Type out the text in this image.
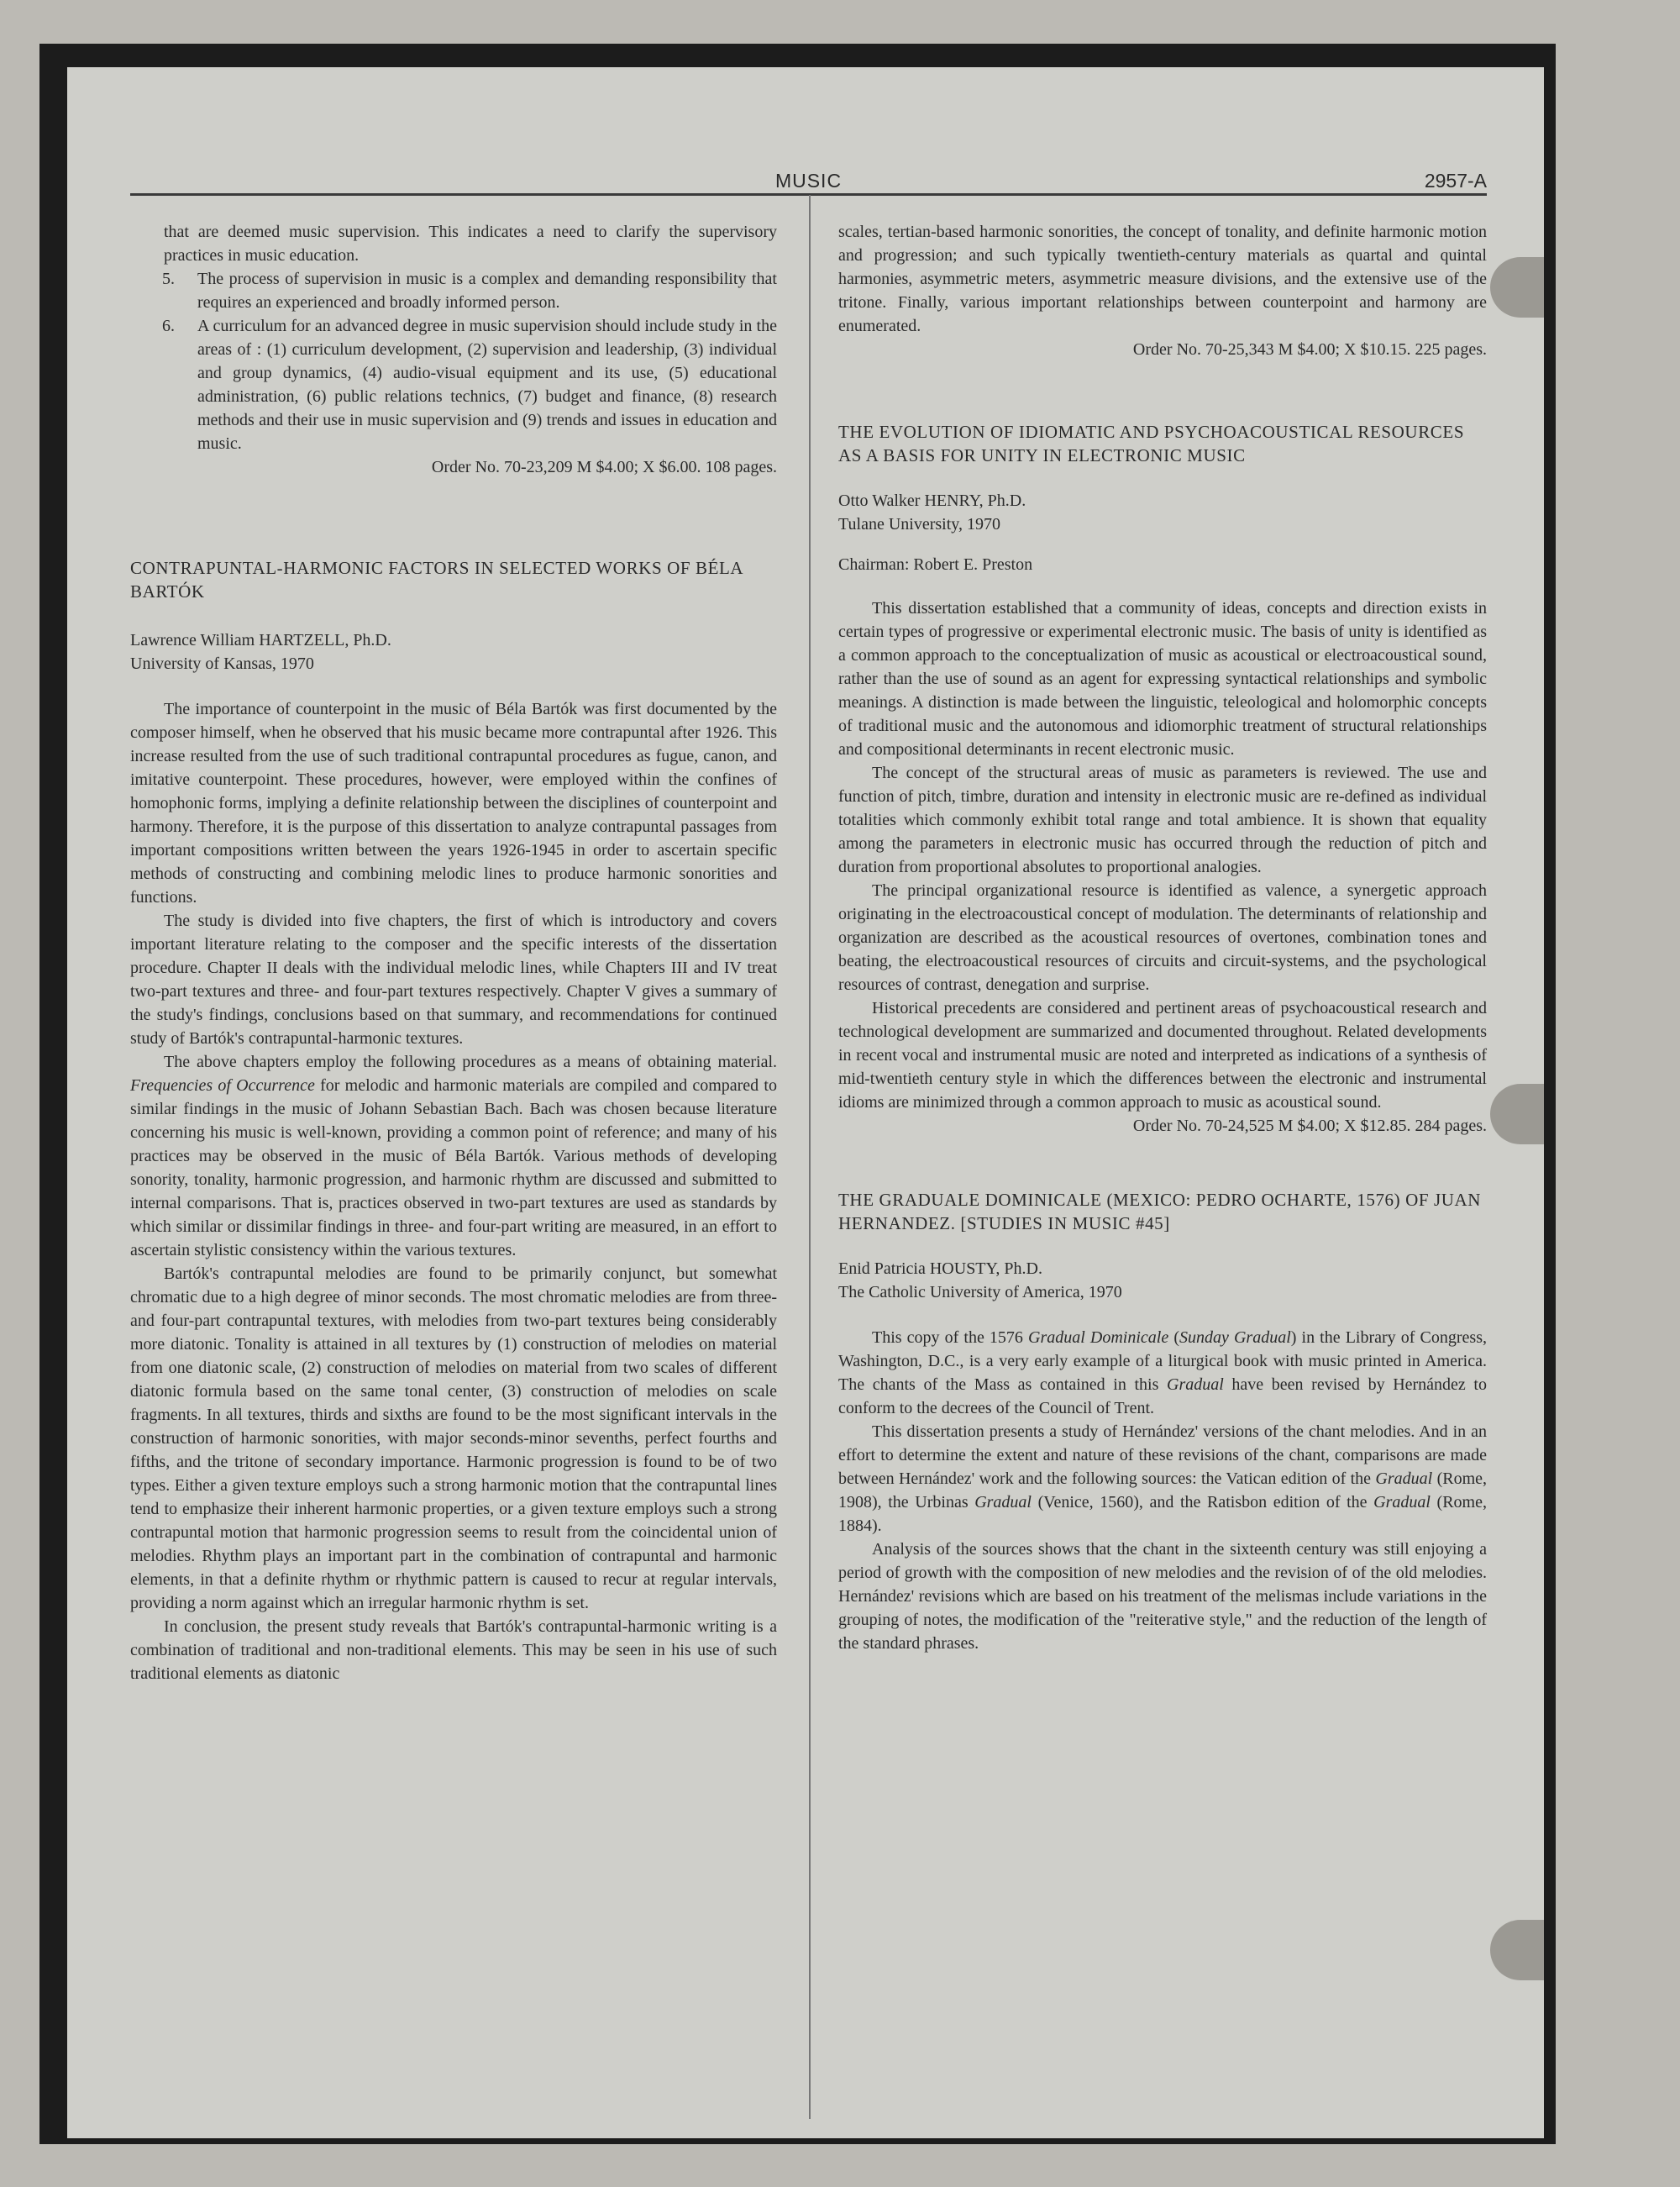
MUSIC	2957-A

that are deemed music supervision. This indicates a need to clarify the supervisory practices in music education.

5. The process of supervision in music is a complex and demanding responsibility that requires an experienced and broadly informed person.
6. A curriculum for an advanced degree in music supervision should include study in the areas of : (1) curriculum development, (2) supervision and leadership, (3) individual and group dynamics, (4) audio-visual equipment and its use, (5) educational administration, (6) public relations technics, (7) budget and finance, (8) research methods and their use in music supervision and (9) trends and issues in education and music.

Order No. 70-23,209 M $4.00; X $6.00. 108 pages.

CONTRAPUNTAL-HARMONIC FACTORS IN SELECTED WORKS OF BÉLA BARTÓK

Lawrence William HARTZELL, Ph.D.

University of Kansas, 1970

The importance of counterpoint in the music of Béla Bartók was first documented by the composer himself, when he observed that his music became more contrapuntal after 1926. This increase resulted from the use of such traditional contrapuntal procedures as fugue, canon, and imitative counterpoint. These procedures, however, were employed within the confines of homophonic forms, implying a definite relationship between the disciplines of counterpoint and harmony. Therefore, it is the purpose of this dissertation to analyze contrapuntal passages from important compositions written between the years 1926-1945 in order to ascertain specific methods of constructing and combining melodic lines to produce harmonic sonorities and functions.

The study is divided into five chapters, the first of which is introductory and covers important literature relating to the composer and the specific interests of the dissertation procedure. Chapter II deals with the individual melodic lines, while Chapters III and IV treat two-part textures and three- and four-part textures respectively. Chapter V gives a summary of the study's findings, conclusions based on that summary, and recommendations for continued study of Bartók's contrapuntal-harmonic textures.

The above chapters employ the following procedures as a means of obtaining material. Frequencies of Occurrence for melodic and harmonic materials are compiled and compared to similar findings in the music of Johann Sebastian Bach. Bach was chosen because literature concerning his music is well-known, providing a common point of reference; and many of his practices may be observed in the music of Béla Bartók. Various methods of developing sonority, tonality, harmonic progression, and harmonic rhythm are discussed and submitted to internal comparisons. That is, practices observed in two-part textures are used as standards by which similar or dissimilar findings in three- and four-part writing are measured, in an effort to ascertain stylistic consistency within the various textures.

Bartók's contrapuntal melodies are found to be primarily conjunct, but somewhat chromatic due to a high degree of minor seconds. The most chromatic melodies are from three- and four-part contrapuntal textures, with melodies from two-part textures being considerably more diatonic. Tonality is attained in all textures by (1) construction of melodies on material from one diatonic scale, (2) construction of melodies on material from two scales of different diatonic formula based on the same tonal center, (3) construction of melodies on scale fragments. In all textures, thirds and sixths are found to be the most significant intervals in the construction of harmonic sonorities, with major seconds-minor sevenths, perfect fourths and fifths, and the tritone of secondary importance. Harmonic progression is found to be of two types. Either a given texture employs such a strong harmonic motion that the contrapuntal lines tend to emphasize their inherent harmonic properties, or a given texture employs such a strong contrapuntal motion that harmonic progression seems to result from the coincidental union of melodies. Rhythm plays an important part in the combination of contrapuntal and harmonic elements, in that a definite rhythm or rhythmic pattern is caused to recur at regular intervals, providing a norm against which an irregular harmonic rhythm is set.

In conclusion, the present study reveals that Bartók's contrapuntal-harmonic writing is a combination of traditional and non-traditional elements. This may be seen in his use of such traditional elements as diatonic

scales, tertian-based harmonic sonorities, the concept of tonality, and definite harmonic motion and progression; and such typically twentieth-century materials as quartal and quintal harmonies, asymmetric meters, asymmetric measure divisions, and the extensive use of the tritone. Finally, various important relationships between counterpoint and harmony are enumerated.

Order No. 70-25,343 M $4.00; X $10.15. 225 pages.

THE EVOLUTION OF IDIOMATIC AND PSYCHOACOUSTICAL RESOURCES AS A BASIS FOR UNITY IN ELECTRONIC MUSIC

Otto Walker HENRY, Ph.D.

Tulane University, 1970

Chairman: Robert E. Preston

This dissertation established that a community of ideas, concepts and direction exists in certain types of progressive or experimental electronic music. The basis of unity is identified as a common approach to the conceptualization of music as acoustical or electroacoustical sound, rather than the use of sound as an agent for expressing syntactical relationships and symbolic meanings. A distinction is made between the linguistic, teleological and holomorphic concepts of traditional music and the autonomous and idiomorphic treatment of structural relationships and compositional determinants in recent electronic music.

The concept of the structural areas of music as parameters is reviewed. The use and function of pitch, timbre, duration and intensity in electronic music are re-defined as individual totalities which commonly exhibit total range and total ambience. It is shown that equality among the parameters in electronic music has occurred through the reduction of pitch and duration from proportional absolutes to proportional analogies.

The principal organizational resource is identified as valence, a synergetic approach originating in the electroacoustical concept of modulation. The determinants of relationship and organization are described as the acoustical resources of overtones, combination tones and beating, the electroacoustical resources of circuits and circuit-systems, and the psychological resources of contrast, denegation and surprise.

Historical precedents are considered and pertinent areas of psychoacoustical research and technological development are summarized and documented throughout. Related developments in recent vocal and instrumental music are noted and interpreted as indications of a synthesis of mid-twentieth century style in which the differences between the electronic and instrumental idioms are minimized through a common approach to music as acoustical sound.

Order No. 70-24,525 M $4.00; X $12.85. 284 pages.

THE GRADUALE DOMINICALE (MEXICO: PEDRO OCHARTE, 1576) OF JUAN HERNANDEZ. [STUDIES IN MUSIC #45]

Enid Patricia HOUSTY, Ph.D.

The Catholic University of America, 1970

This copy of the 1576 Gradual Dominicale (Sunday Gradual) in the Library of Congress, Washington, D.C., is a very early example of a liturgical book with music printed in America. The chants of the Mass as contained in this Gradual have been revised by Hernández to conform to the decrees of the Council of Trent.

This dissertation presents a study of Hernández' versions of the chant melodies. And in an effort to determine the extent and nature of these revisions of the chant, comparisons are made between Hernández' work and the following sources: the Vatican edition of the Gradual (Rome, 1908), the Urbinas Gradual (Venice, 1560), and the Ratisbon edition of the Gradual (Rome, 1884).

Analysis of the sources shows that the chant in the sixteenth century was still enjoying a period of growth with the composition of new melodies and the revision of of the old melodies. Hernández' revisions which are based on his treatment of the melismas include variations in the grouping of notes, the modification of the "reiterative style," and the reduction of the length of the standard phrases.
